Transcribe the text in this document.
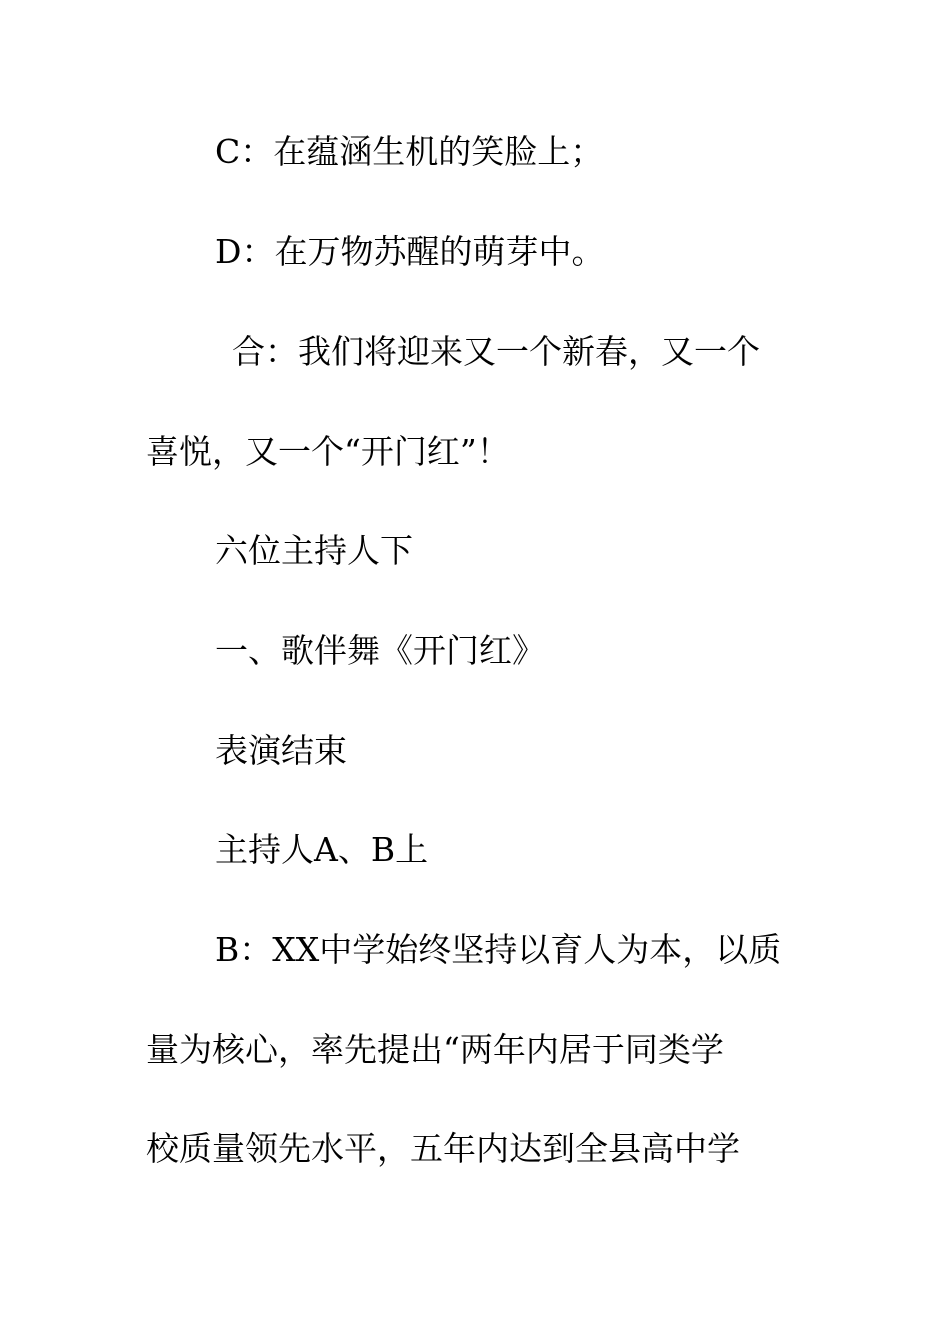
C：在蕴涵生机的笑脸上；
D：在万物苏醒的萌芽中。
合：我们将迎来又一个新春，又一个
喜悦，又一个“开门红”！
六位主持人下
一、歌伴舞《开门红》
表演结束
主持人A、B上
B：XX中学始终坚持以育人为本，以质
量为核心，率先提出“两年内居于同类学
校质量领先水平，五年内达到全县高中学
